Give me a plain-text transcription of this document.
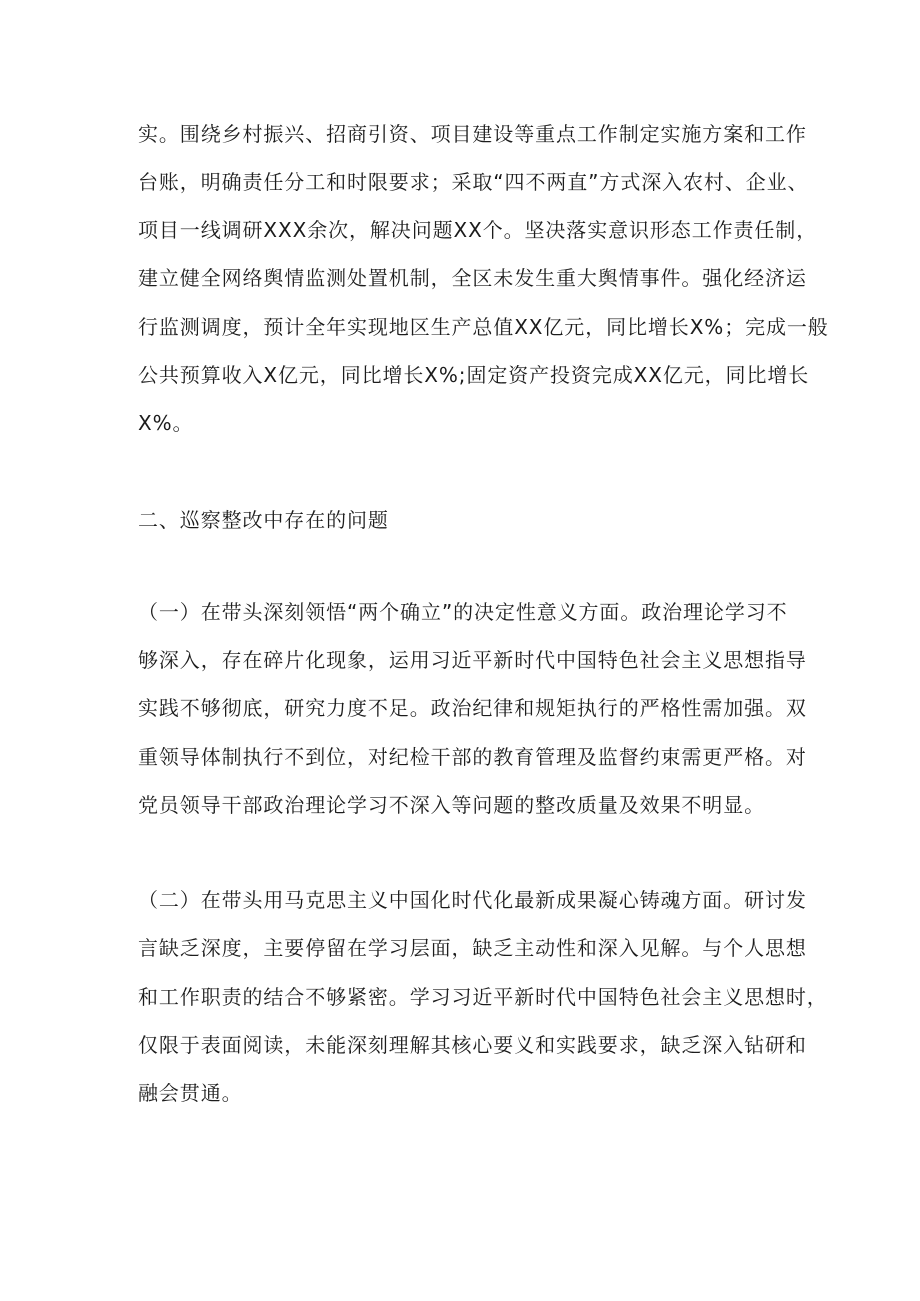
实。围绕乡村振兴、招商引资、项目建设等重点工作制定实施方案和工作
台账，明确责任分工和时限要求；采取“四不两直”方式深入农村、企业、
项目一线调研XXX余次，解决问题XX个。坚决落实意识形态工作责任制，
建立健全网络舆情监测处置机制，全区未发生重大舆情事件。强化经济运
行监测调度，预计全年实现地区生产总值XX亿元，同比增长X%；完成一般
公共预算收入X亿元，同比增长X%;固定资产投资完成XX亿元，同比增长
X%。
二、巡察整改中存在的问题
（一）在带头深刻领悟“两个确立”的决定性意义方面。政治理论学习不
够深入，存在碎片化现象，运用习近平新时代中国特色社会主义思想指导
实践不够彻底，研究力度不足。政治纪律和规矩执行的严格性需加强。双
重领导体制执行不到位，对纪检干部的教育管理及监督约束需更严格。对
党员领导干部政治理论学习不深入等问题的整改质量及效果不明显。
（二）在带头用马克思主义中国化时代化最新成果凝心铸魂方面。研讨发
言缺乏深度，主要停留在学习层面，缺乏主动性和深入见解。与个人思想
和工作职责的结合不够紧密。学习习近平新时代中国特色社会主义思想时，
仅限于表面阅读，未能深刻理解其核心要义和实践要求，缺乏深入钻研和
融会贯通。
